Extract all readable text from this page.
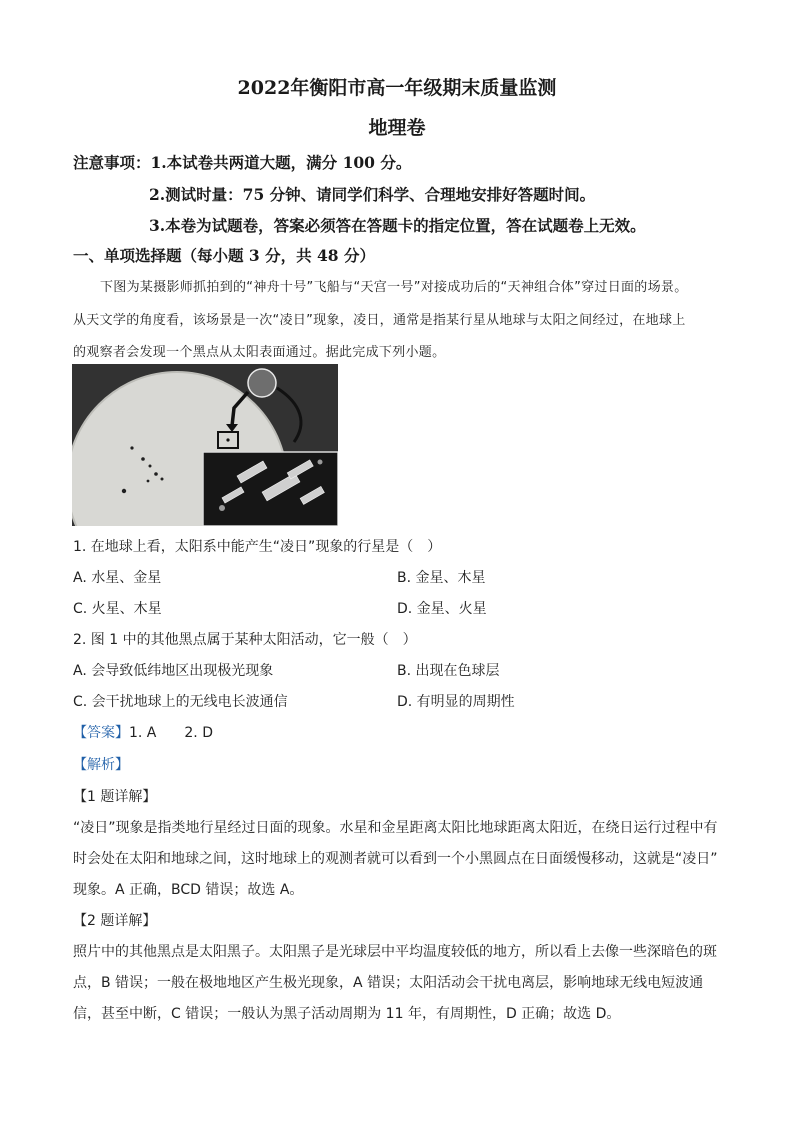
2022年衡阳市高一年级期末质量监测
地理卷
注意事项：1.本试卷共两道大题，满分 100 分。
2.测试时量：75 分钟、请同学们科学、合理地安排好答题时间。
3.本卷为试题卷，答案必须答在答题卡的指定位置，答在试题卷上无效。
一、单项选择题（每小题 3 分，共 48 分）
下图为某摄影师抓拍到的“神舟十号”飞船与“天宫一号”对接成功后的“天神组合体”穿过日面的场景。
从天文学的角度看，该场景是一次“凌日”现象，凌日，通常是指某行星从地球与太阳之间经过，在地球上
的观察者会发现一个黑点从太阳表面通过。据此完成下列小题。
1. 在地球上看，太阳系中能产生“凌日”现象的行星是（　）
A. 水星、金星	B. 金星、木星
C. 火星、木星	D. 金星、火星
2. 图 1 中的其他黑点属于某种太阳活动，它一般（　）
A. 会导致低纬地区出现极光现象	B. 出现在色球层
C. 会干扰地球上的无线电长波通信	D. 有明显的周期性
【答案】1. A　　2. D
【解析】
【1 题详解】
“凌日”现象是指类地行星经过日面的现象。水星和金星距离太阳比地球距离太阳近，在绕日运行过程中有
时会处在太阳和地球之间，这时地球上的观测者就可以看到一个小黑圆点在日面缓慢移动，这就是“凌日”
现象。A 正确，BCD 错误；故选 A。
【2 题详解】
照片中的其他黑点是太阳黑子。太阳黑子是光球层中平均温度较低的地方，所以看上去像一些深暗色的斑
点，B 错误；一般在极地地区产生极光现象，A 错误；太阳活动会干扰电离层，影响地球无线电短波通
信，甚至中断，C 错误；一般认为黑子活动周期为 11 年，有周期性，D 正确；故选 D。
